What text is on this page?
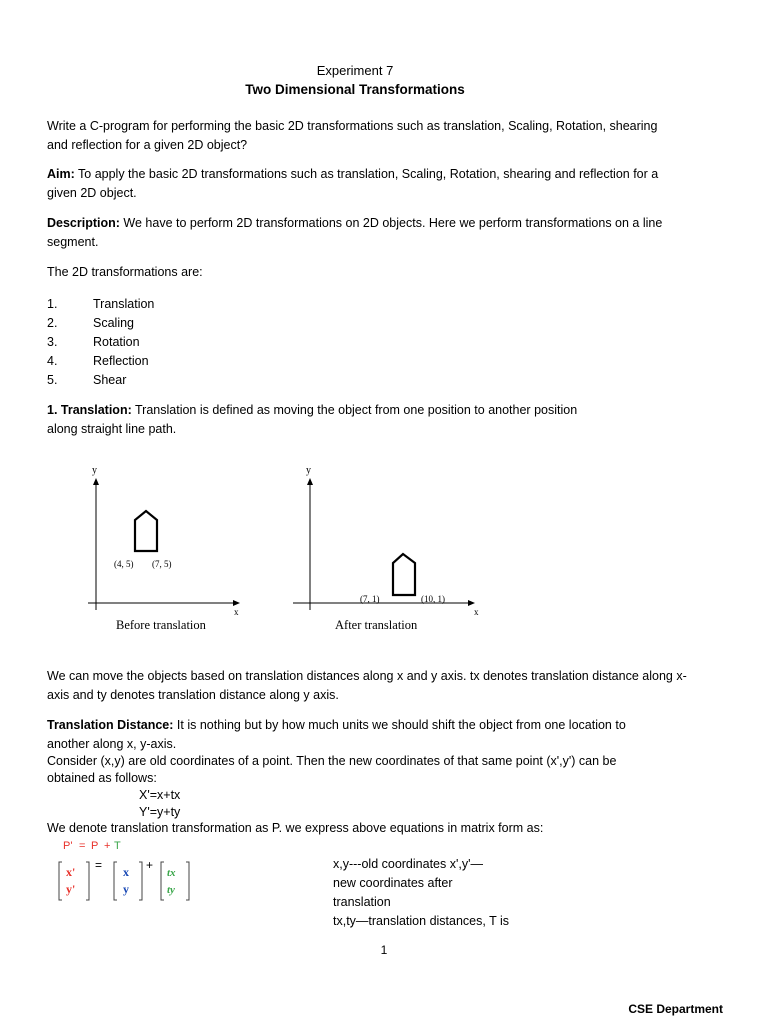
Experiment 7
Two Dimensional Transformations
Write a C-program for performing the basic 2D transformations such as translation, Scaling, Rotation, shearing and reflection for a given 2D object?
Aim: To apply the basic 2D transformations such as translation, Scaling, Rotation, shearing and reflection for a given 2D object.
Description: We have to perform 2D transformations on 2D objects. Here we perform transformations on a line segment.
The 2D transformations are:
1.	Translation
2.	Scaling
3.	Rotation
4.	Reflection
5.	Shear
1. Translation: Translation is defined as moving the object from one position to another position
along straight line path.
y
x
(4, 5) (7, 5)
Before translation
y
x
(7, 1)	(10, 1)
After translation
We can move the objects based on translation distances along x and y axis. tx denotes translation distance along x-axis and ty denotes translation distance along y axis.
Translation Distance: It is nothing but by how much units we should shift the object from one location to
another along x, y-axis.
Consider (x,y) are old coordinates of a point. Then the new coordinates of that same point (x',y') can be
obtained as follows:
X'=x+tx
Y'=y+ty
We denote translation transformation as P. we express above equations in matrix form as:
P' = P + T
x'
y'
= x
y
+
tx
ty
x,y---old coordinates x',y'—
new coordinates after
translation
tx,ty—translation distances, T is
1
CSE Department
